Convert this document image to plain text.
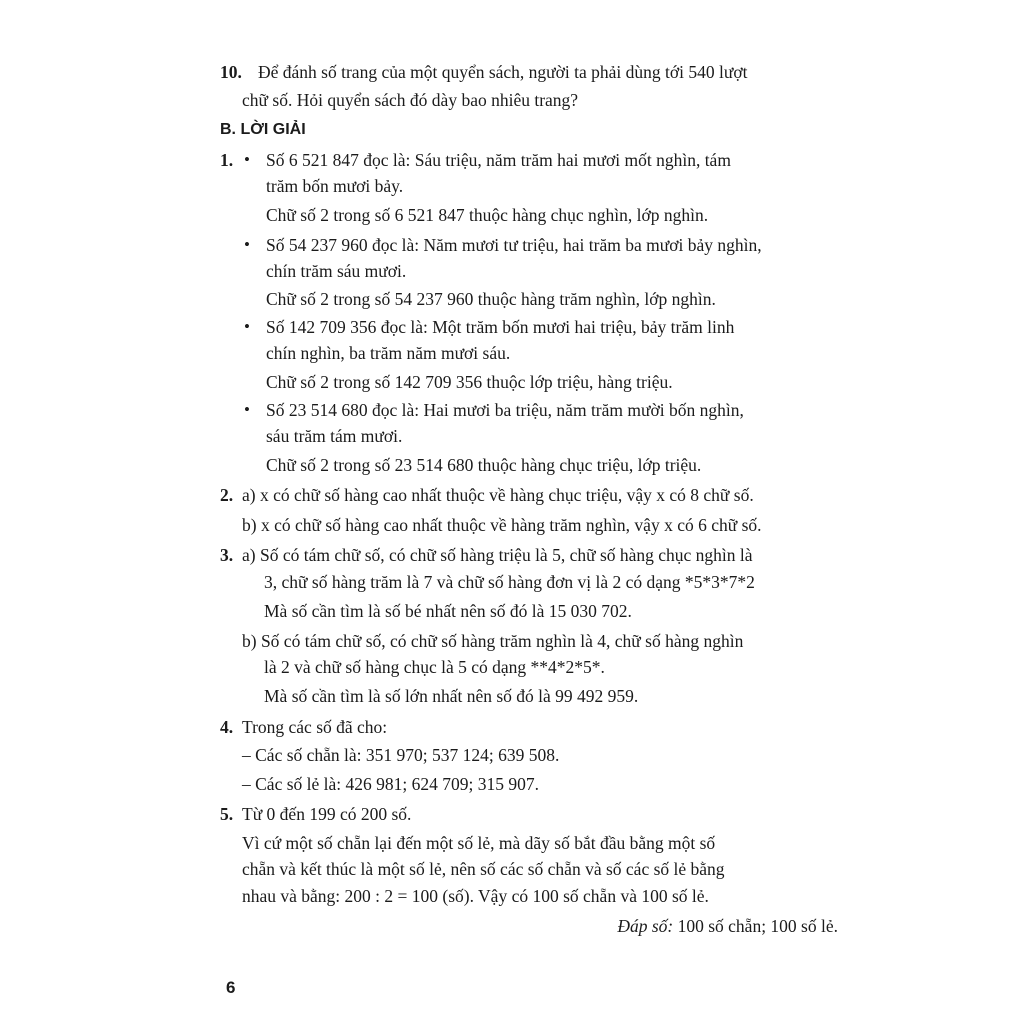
10. Để đánh số trang của một quyển sách, người ta phải dùng tới 540 lượt
chữ số. Hỏi quyển sách đó dày bao nhiêu trang?
B. LỜI GIẢI
1. • Số 6 521 847 đọc là: Sáu triệu, năm trăm hai mươi mốt nghìn, tám
trăm bốn mươi bảy.
Chữ số 2 trong số 6 521 847 thuộc hàng chục nghìn, lớp nghìn.
• Số 54 237 960 đọc là: Năm mươi tư triệu, hai trăm ba mươi bảy nghìn,
chín trăm sáu mươi.
Chữ số 2 trong số 54 237 960 thuộc hàng trăm nghìn, lớp nghìn.
• Số 142 709 356 đọc là: Một trăm bốn mươi hai triệu, bảy trăm linh
chín nghìn, ba trăm năm mươi sáu.
Chữ số 2 trong số 142 709 356 thuộc lớp triệu, hàng triệu.
• Số 23 514 680 đọc là: Hai mươi ba triệu, năm trăm mười bốn nghìn,
sáu trăm tám mươi.
Chữ số 2 trong số 23 514 680 thuộc hàng chục triệu, lớp triệu.
2. a) x có chữ số hàng cao nhất thuộc về hàng chục triệu, vậy x có 8 chữ số.
b) x có chữ số hàng cao nhất thuộc về hàng trăm nghìn, vậy x có 6 chữ số.
3. a) Số có tám chữ số, có chữ số hàng triệu là 5, chữ số hàng chục nghìn là
3, chữ số hàng trăm là 7 và chữ số hàng đơn vị là 2 có dạng *5*3*7*2
Mà số cần tìm là số bé nhất nên số đó là 15 030 702.
b) Số có tám chữ số, có chữ số hàng trăm nghìn là 4, chữ số hàng nghìn
là 2 và chữ số hàng chục là 5 có dạng **4*2*5*.
Mà số cần tìm là số lớn nhất nên số đó là 99 492 959.
4. Trong các số đã cho:
– Các số chẵn là: 351 970; 537 124; 639 508.
– Các số lẻ là: 426 981; 624 709; 315 907.
5. Từ 0 đến 199 có 200 số.
Vì cứ một số chẵn lại đến một số lẻ, mà dãy số bắt đầu bằng một số
chẵn và kết thúc là một số lẻ, nên số các số chẵn và số các số lẻ bằng
nhau và bằng: 200 : 2 = 100 (số). Vậy có 100 số chẵn và 100 số lẻ.
Đáp số: 100 số chẵn; 100 số lẻ.
6
